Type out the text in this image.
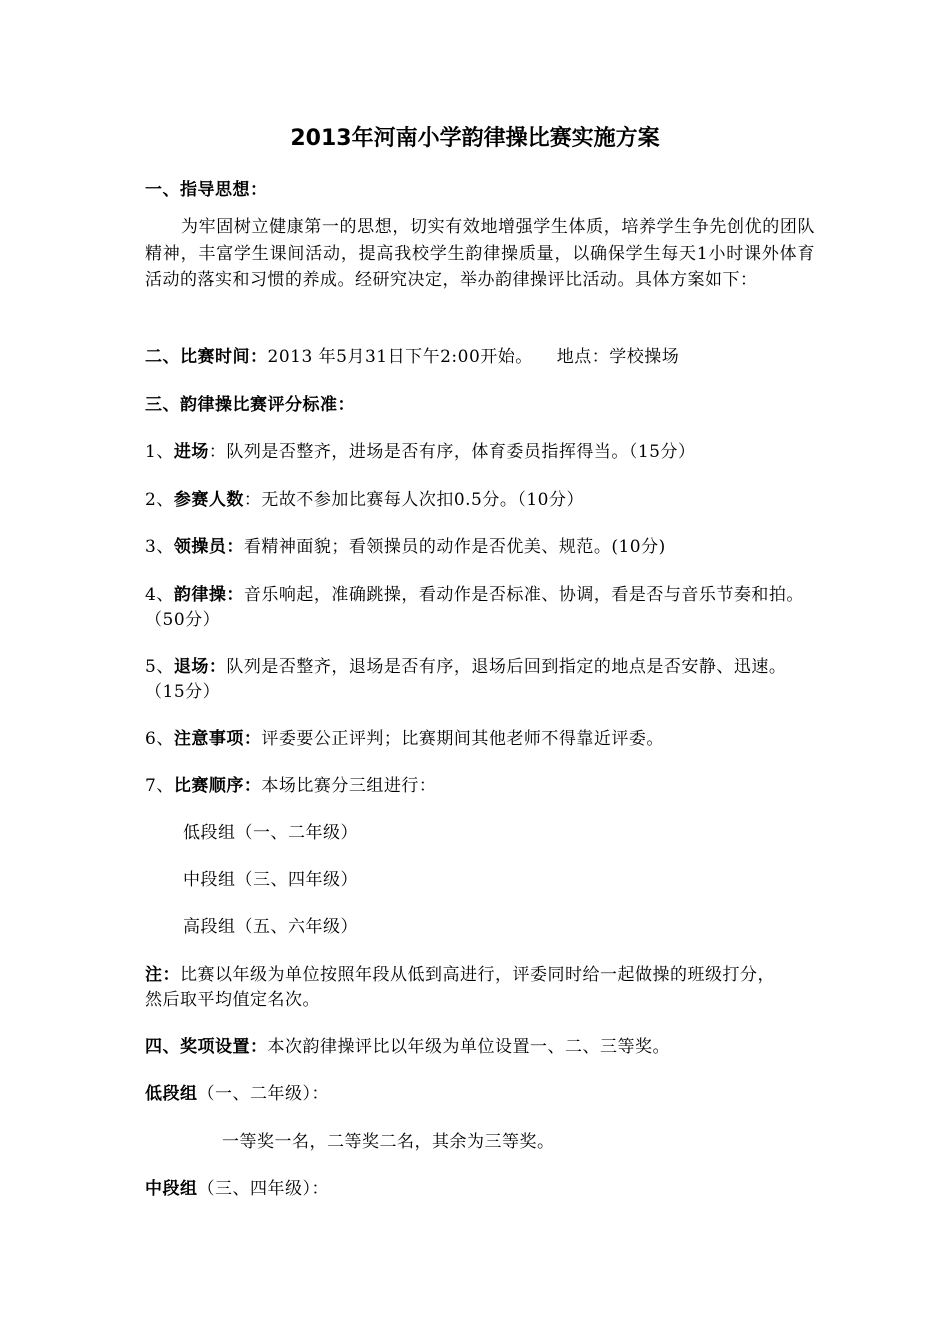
2013年河南小学韵律操比赛实施方案
一、指导思想：
为牢固树立健康第一的思想，切实有效地增强学生体质，培养学生争先创优的团队精神，丰富学生课间活动，提高我校学生韵律操质量，以确保学生每天1小时课外体育活动的落实和习惯的养成。经研究决定，举办韵律操评比活动。具体方案如下：
二、比赛时间：2013 年5月31日下午2:00开始。 地点：学校操场
三、韵律操比赛评分标准：
1、进场：队列是否整齐，进场是否有序，体育委员指挥得当。（15分）
2、参赛人数：无故不参加比赛每人次扣0.5分。（10分）
3、领操员：看精神面貌；看领操员的动作是否优美、规范。(10分)
4、韵律操：音乐响起，准确跳操，看动作是否标准、协调，看是否与音乐节奏和拍。
（50分）
5、退场：队列是否整齐，退场是否有序，退场后回到指定的地点是否安静、迅速。
（15分）
6、注意事项：评委要公正评判；比赛期间其他老师不得靠近评委。
7、比赛顺序：本场比赛分三组进行：
低段组（一、二年级）
中段组（三、四年级）
高段组（五、六年级）
注：比赛以年级为单位按照年段从低到高进行，评委同时给一起做操的班级打分，
然后取平均值定名次。
四、奖项设置：本次韵律操评比以年级为单位设置一、二、三等奖。
低段组（一、二年级）：
一等奖一名，二等奖二名，其余为三等奖。
中段组（三、四年级）：
